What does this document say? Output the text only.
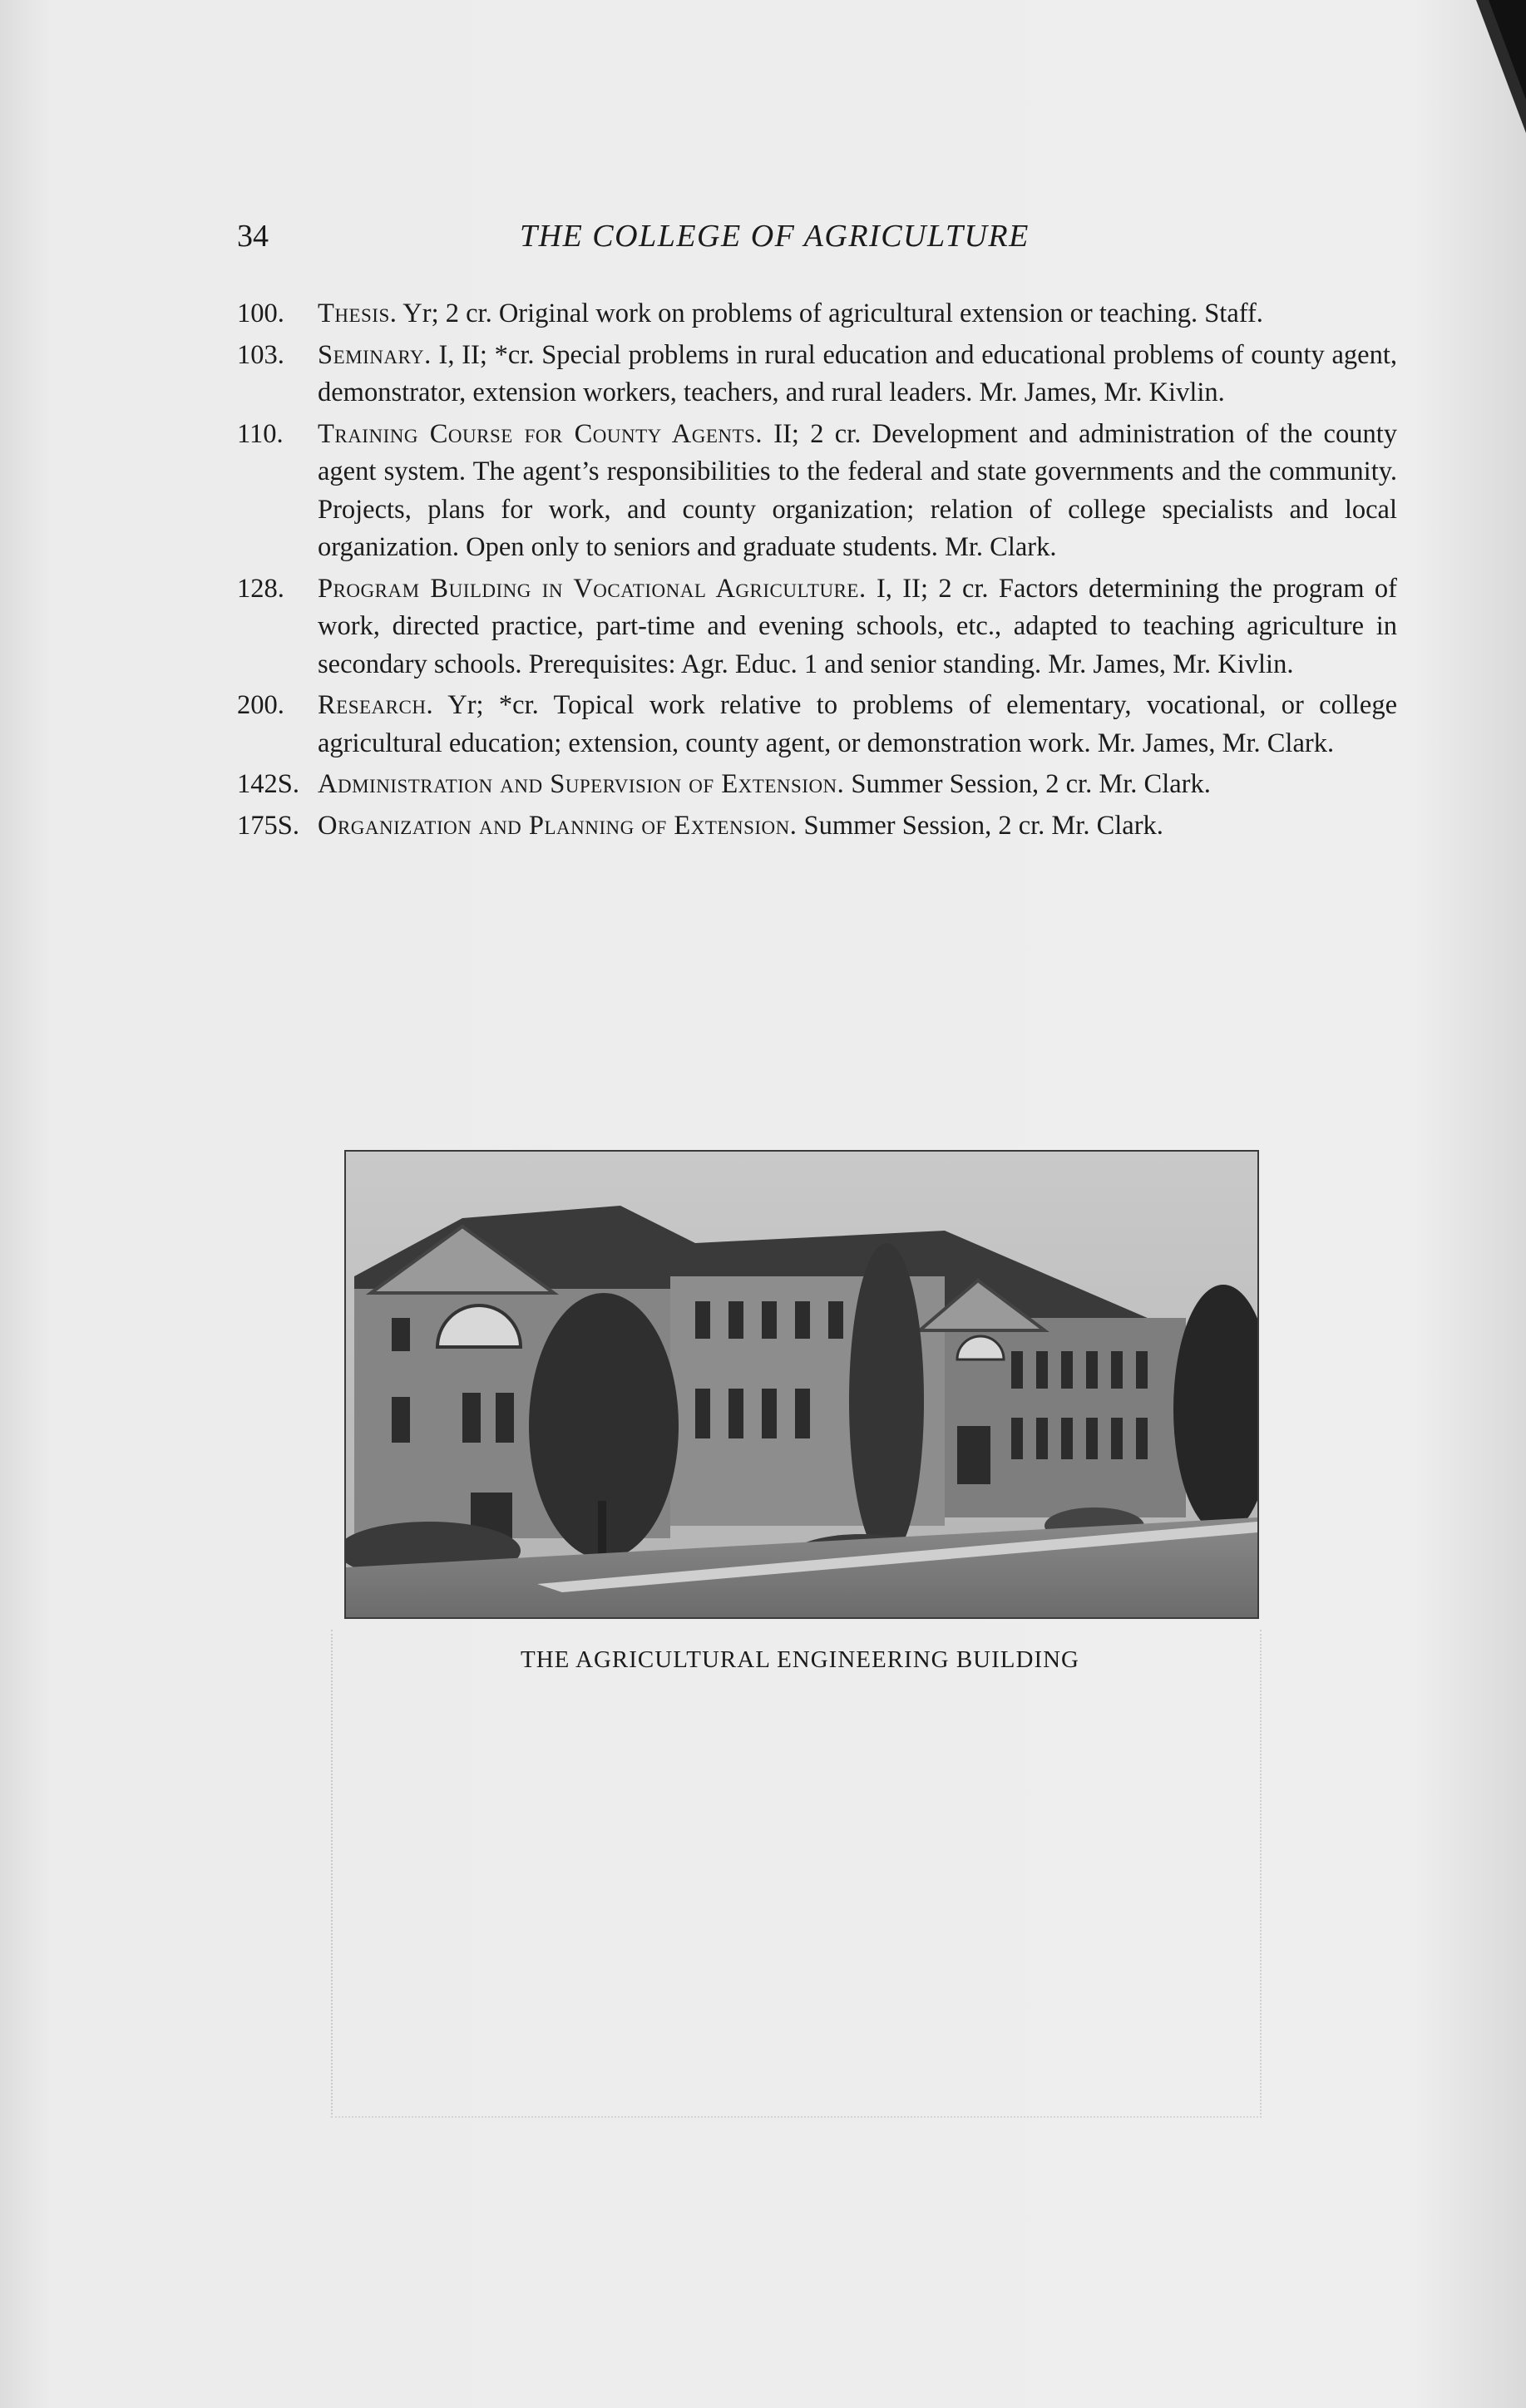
34	THE COLLEGE OF AGRICULTURE
100.	Thesis. Yr; 2 cr. Original work on problems of agricultural extension or teaching. Staff.
103.	Seminary. I, II; *cr. Special problems in rural education and educational problems of county agent, demonstrator, extension workers, teachers, and rural leaders. Mr. James, Mr. Kivlin.
110.	Training Course for County Agents. II; 2 cr. Development and administration of the county agent system. The agent’s responsibilities to the federal and state governments and the community. Projects, plans for work, and county organization; relation of college specialists and local organization. Open only to seniors and graduate students. Mr. Clark.
128.	Program Building in Vocational Agriculture. I, II; 2 cr. Factors determining the program of work, directed practice, part-time and evening schools, etc., adapted to teaching agriculture in secondary schools. Prerequisites: Agr. Educ. 1 and senior standing. Mr. James, Mr. Kivlin.
200.	Research. Yr; *cr. Topical work relative to problems of elementary, vocational, or college agricultural education; extension, county agent, or demonstration work. Mr. James, Mr. Clark.
142S. Administration and Supervision of Extension. Summer Session, 2 cr. Mr. Clark.
175S. Organization and Planning of Extension. Summer Session, 2 cr. Mr. Clark.
THE AGRICULTURAL ENGINEERING BUILDING
